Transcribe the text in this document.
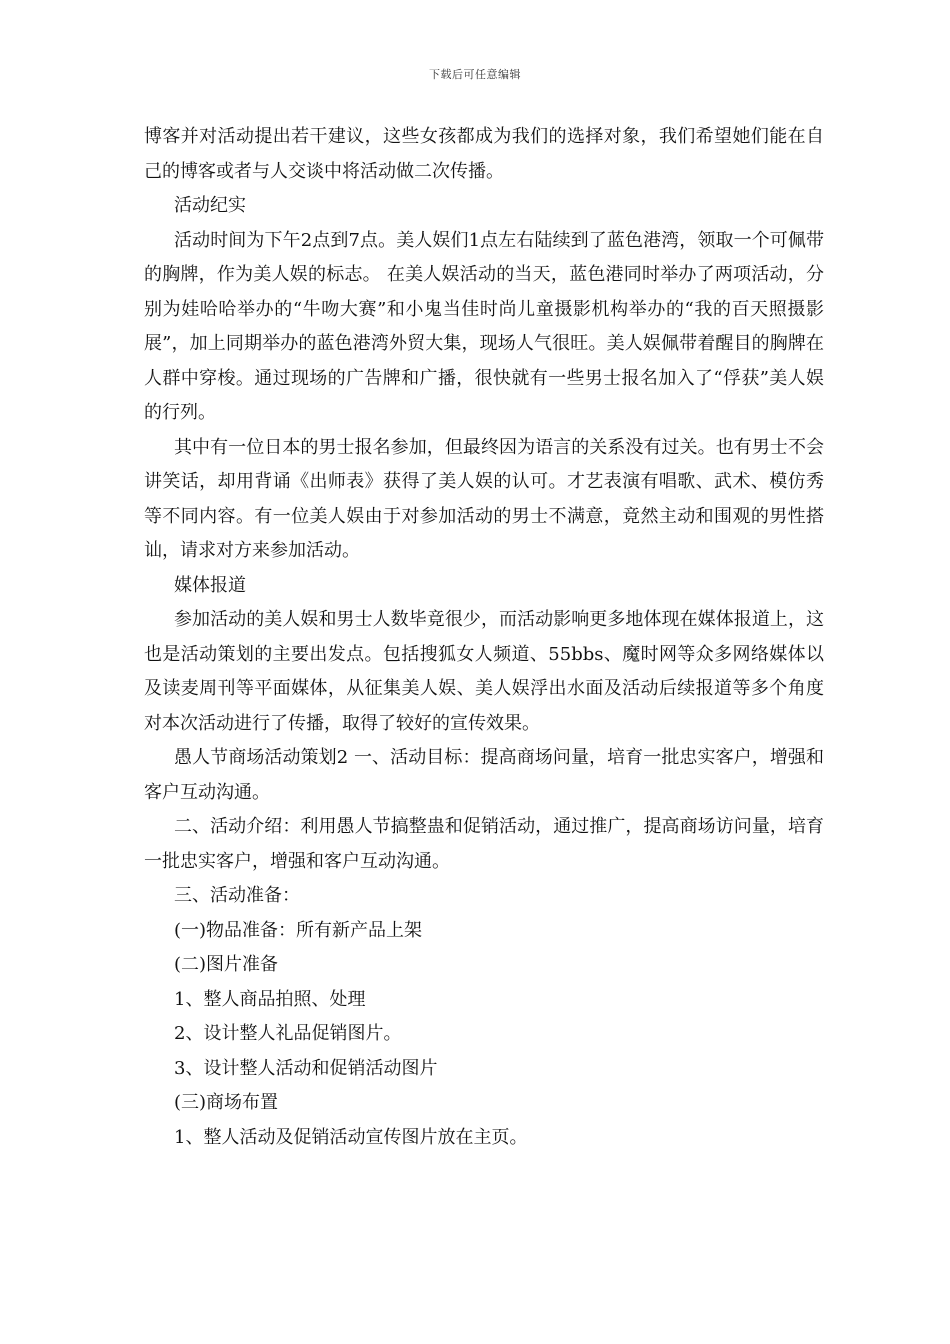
下载后可任意编辑

博客并对活动提出若干建议，这些女孩都成为我们的选择对象，我们希望她们能在自己的博客或者与人交谈中将活动做二次传播。

活动纪实

活动时间为下午2点到7点。美人娱们1点左右陆续到了蓝色港湾，领取一个可佩带的胸牌，作为美人娱的标志。 在美人娱活动的当天，蓝色港同时举办了两项活动，分别为娃哈哈举办的“牛吻大赛”和小鬼当佳时尚儿童摄影机构举办的“我的百天照摄影展”，加上同期举办的蓝色港湾外贸大集，现场人气很旺。美人娱佩带着醒目的胸牌在人群中穿梭。通过现场的广告牌和广播，很快就有一些男士报名加入了“俘获”美人娱的行列。

其中有一位日本的男士报名参加，但最终因为语言的关系没有过关。也有男士不会讲笑话，却用背诵《出师表》获得了美人娱的认可。才艺表演有唱歌、武术、模仿秀等不同内容。有一位美人娱由于对参加活动的男士不满意，竟然主动和围观的男性搭讪，请求对方来参加活动。

媒体报道

参加活动的美人娱和男士人数毕竟很少，而活动影响更多地体现在媒体报道上，这也是活动策划的主要出发点。包括搜狐女人频道、55bbs、魔时网等众多网络媒体以及读麦周刊等平面媒体，从征集美人娱、美人娱浮出水面及活动后续报道等多个角度对本次活动进行了传播，取得了较好的宣传效果。

愚人节商场活动策划2 一、活动目标：提高商场问量，培育一批忠实客户，增强和客户互动沟通。

二、活动介绍：利用愚人节搞整蛊和促销活动，通过推广，提高商场访问量，培育一批忠实客户，增强和客户互动沟通。

三、活动准备：

(一)物品准备：所有新产品上架

(二)图片准备

1、整人商品拍照、处理

2、设计整人礼品促销图片。

3、设计整人活动和促销活动图片

(三)商场布置

1、整人活动及促销活动宣传图片放在主页。
